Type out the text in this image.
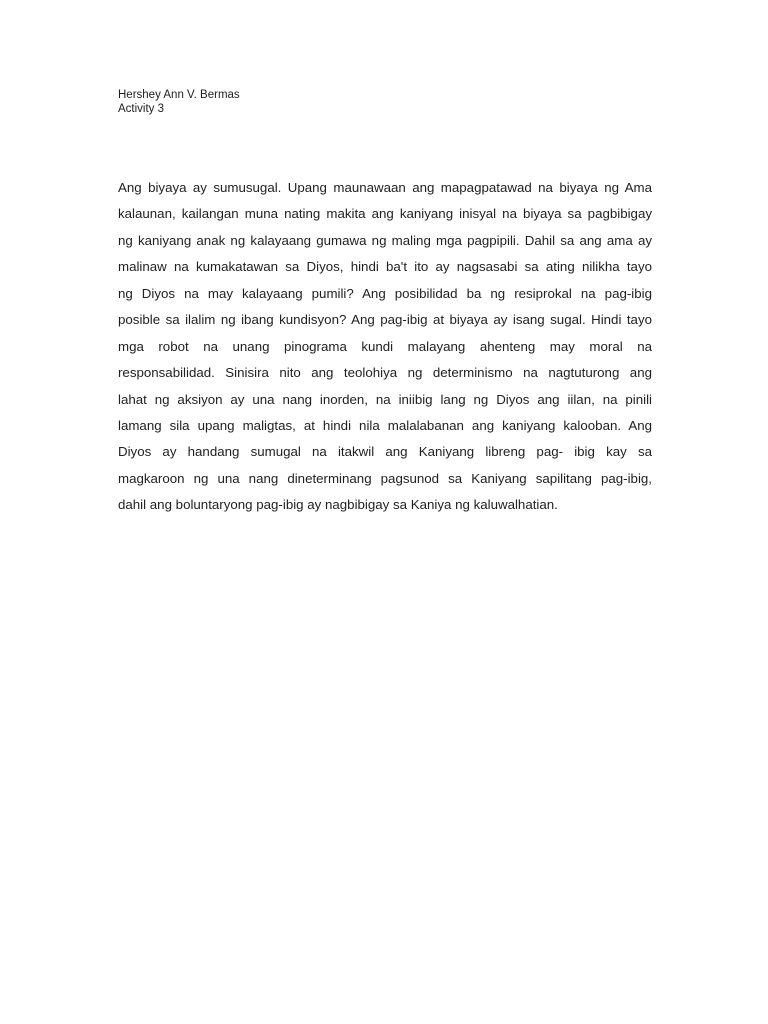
Hershey Ann V. Bermas
Activity 3
Ang biyaya ay sumusugal. Upang maunawaan ang mapagpatawad na biyaya ng Ama
kalaunan, kailangan muna nating makita ang kaniyang inisyal na biyaya sa pagbibigay
ng kaniyang anak ng kalayaang gumawa ng maling mga pagpipili. Dahil sa ang ama ay
malinaw na kumakatawan sa Diyos, hindi ba't ito ay nagsasabi sa ating nilikha tayo
ng Diyos na may kalayaang pumili? Ang posibilidad ba ng resiprokal na pag-ibig
posible sa ilalim ng ibang kundisyon? Ang pag-ibig at biyaya ay isang sugal. Hindi tayo
mga robot na unang pinograma kundi malayang ahenteng may moral na
responsabilidad. Sinisira nito ang teolohiya ng determinismo na nagtuturong ang
lahat ng aksiyon ay una nang inorden, na iniibig lang ng Diyos ang iilan, na pinili
lamang sila upang maligtas, at hindi nila malalabanan ang kaniyang kalooban. Ang
Diyos ay handang sumugal na itakwil ang Kaniyang libreng pag- ibig kay sa
magkaroon ng una nang dineterminang pagsunod sa Kaniyang sapilitang pag-ibig,
dahil ang boluntaryong pag-ibig ay nagbibigay sa Kaniya ng kaluwalhatian.
